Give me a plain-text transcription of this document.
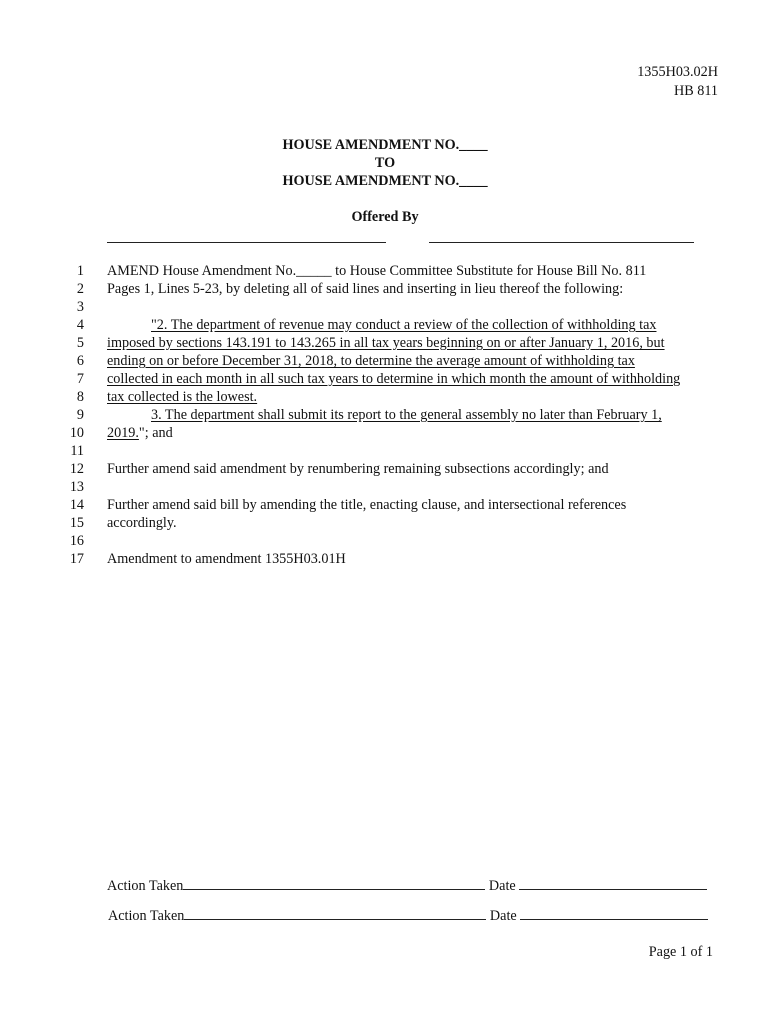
1355H03.02H
HB 811
HOUSE AMENDMENT NO.____
TO
HOUSE AMENDMENT NO.____
Offered By
1 AMEND House Amendment No._____ to House Committee Substitute for House Bill No. 811
2 Pages 1, Lines 5-23, by deleting all of said lines and inserting in lieu thereof the following:
3
4	"2. The department of revenue may conduct a review of the collection of withholding tax
5 imposed by sections 143.191 to 143.265 in all tax years beginning on or after January 1, 2016, but
6 ending on or before December 31, 2018, to determine the average amount of withholding tax
7 collected in each month in all such tax years to determine in which month the amount of withholding
8 tax collected is the lowest.
9	3. The department shall submit its report to the general assembly no later than February 1,
10 2019."; and
11
12 Further amend said amendment by renumbering remaining subsections accordingly; and
13
14 Further amend said bill by amending the title, enacting clause, and intersectional references
15 accordingly.
16
17 Amendment to amendment 1355H03.01H
Action Taken	Date
Action Taken	Date
Page 1 of 1
